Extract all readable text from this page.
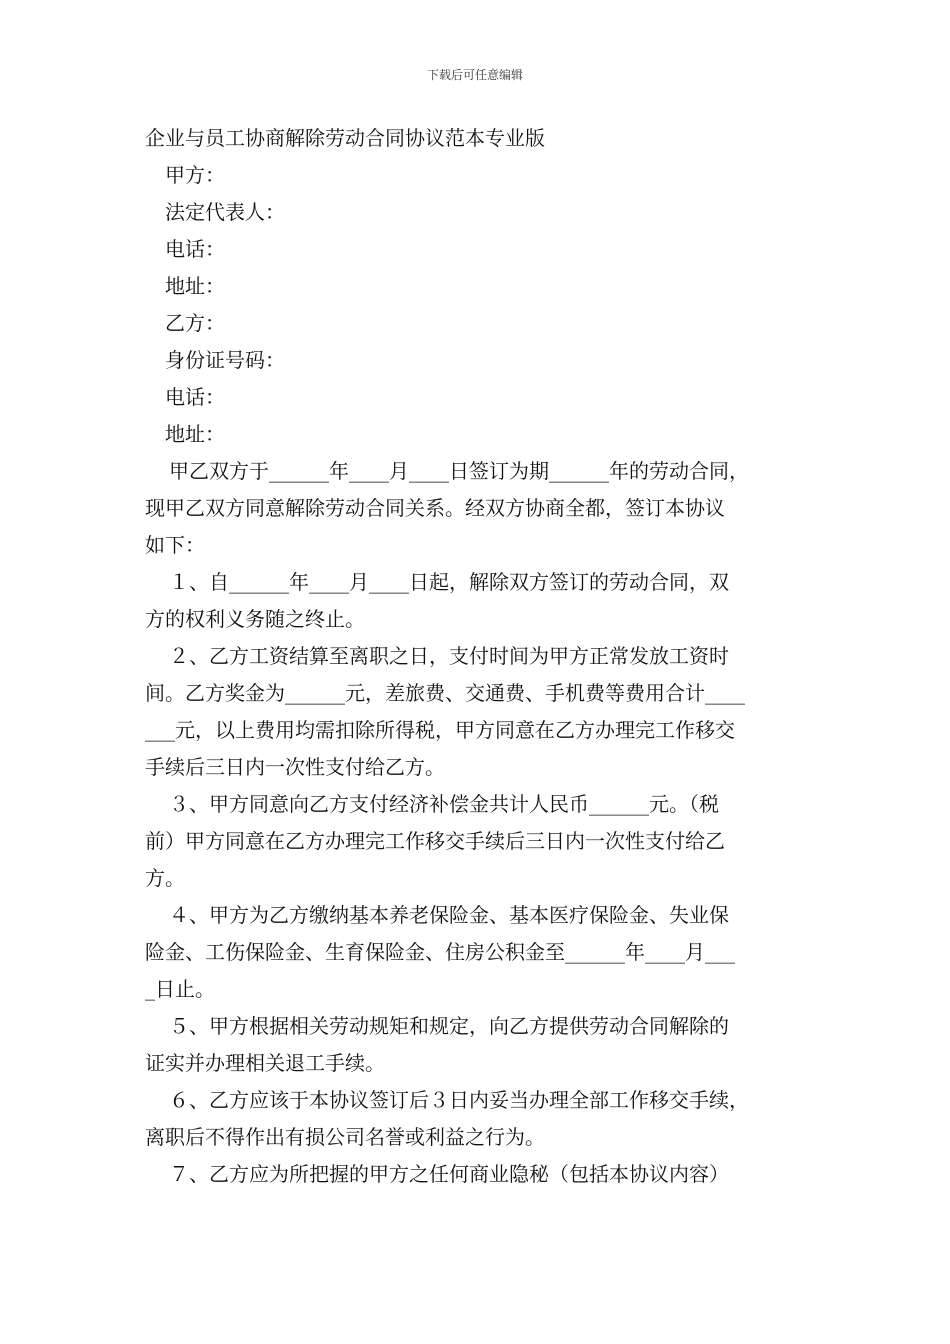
下载后可任意编辑

企业与员工协商解除劳动合同协议范本专业版

甲方：

法定代表人：

电话：

地址：

乙方：

身份证号码：

电话：

地址：

甲乙双方于______年____月____日签订为期______年的劳动合同，

现甲乙双方同意解除劳动合同关系。经双方协商全都，签订本协议

如下：

１、自______年____月____日起，解除双方签订的劳动合同，双

方的权利义务随之终止。

２、乙方工资结算至离职之日，支付时间为甲方正常发放工资时

间。乙方奖金为______元，差旅费、交通费、手机费等费用合计____

___元，以上费用均需扣除所得税，甲方同意在乙方办理完工作移交

手续后三日内一次性支付给乙方。

３、甲方同意向乙方支付经济补偿金共计人民币______元。（税

前）甲方同意在乙方办理完工作移交手续后三日内一次性支付给乙

方。

４、甲方为乙方缴纳基本养老保险金、基本医疗保险金、失业保

险金、工伤保险金、生育保险金、住房公积金至______年____月___

_日止。

５、甲方根据相关劳动规矩和规定，向乙方提供劳动合同解除的

证实并办理相关退工手续。

６、乙方应该于本协议签订后３日内妥当办理全部工作移交手续，

离职后不得作出有损公司名誉或利益之行为。

７、乙方应为所把握的甲方之任何商业隐秘（包括本协议内容）
